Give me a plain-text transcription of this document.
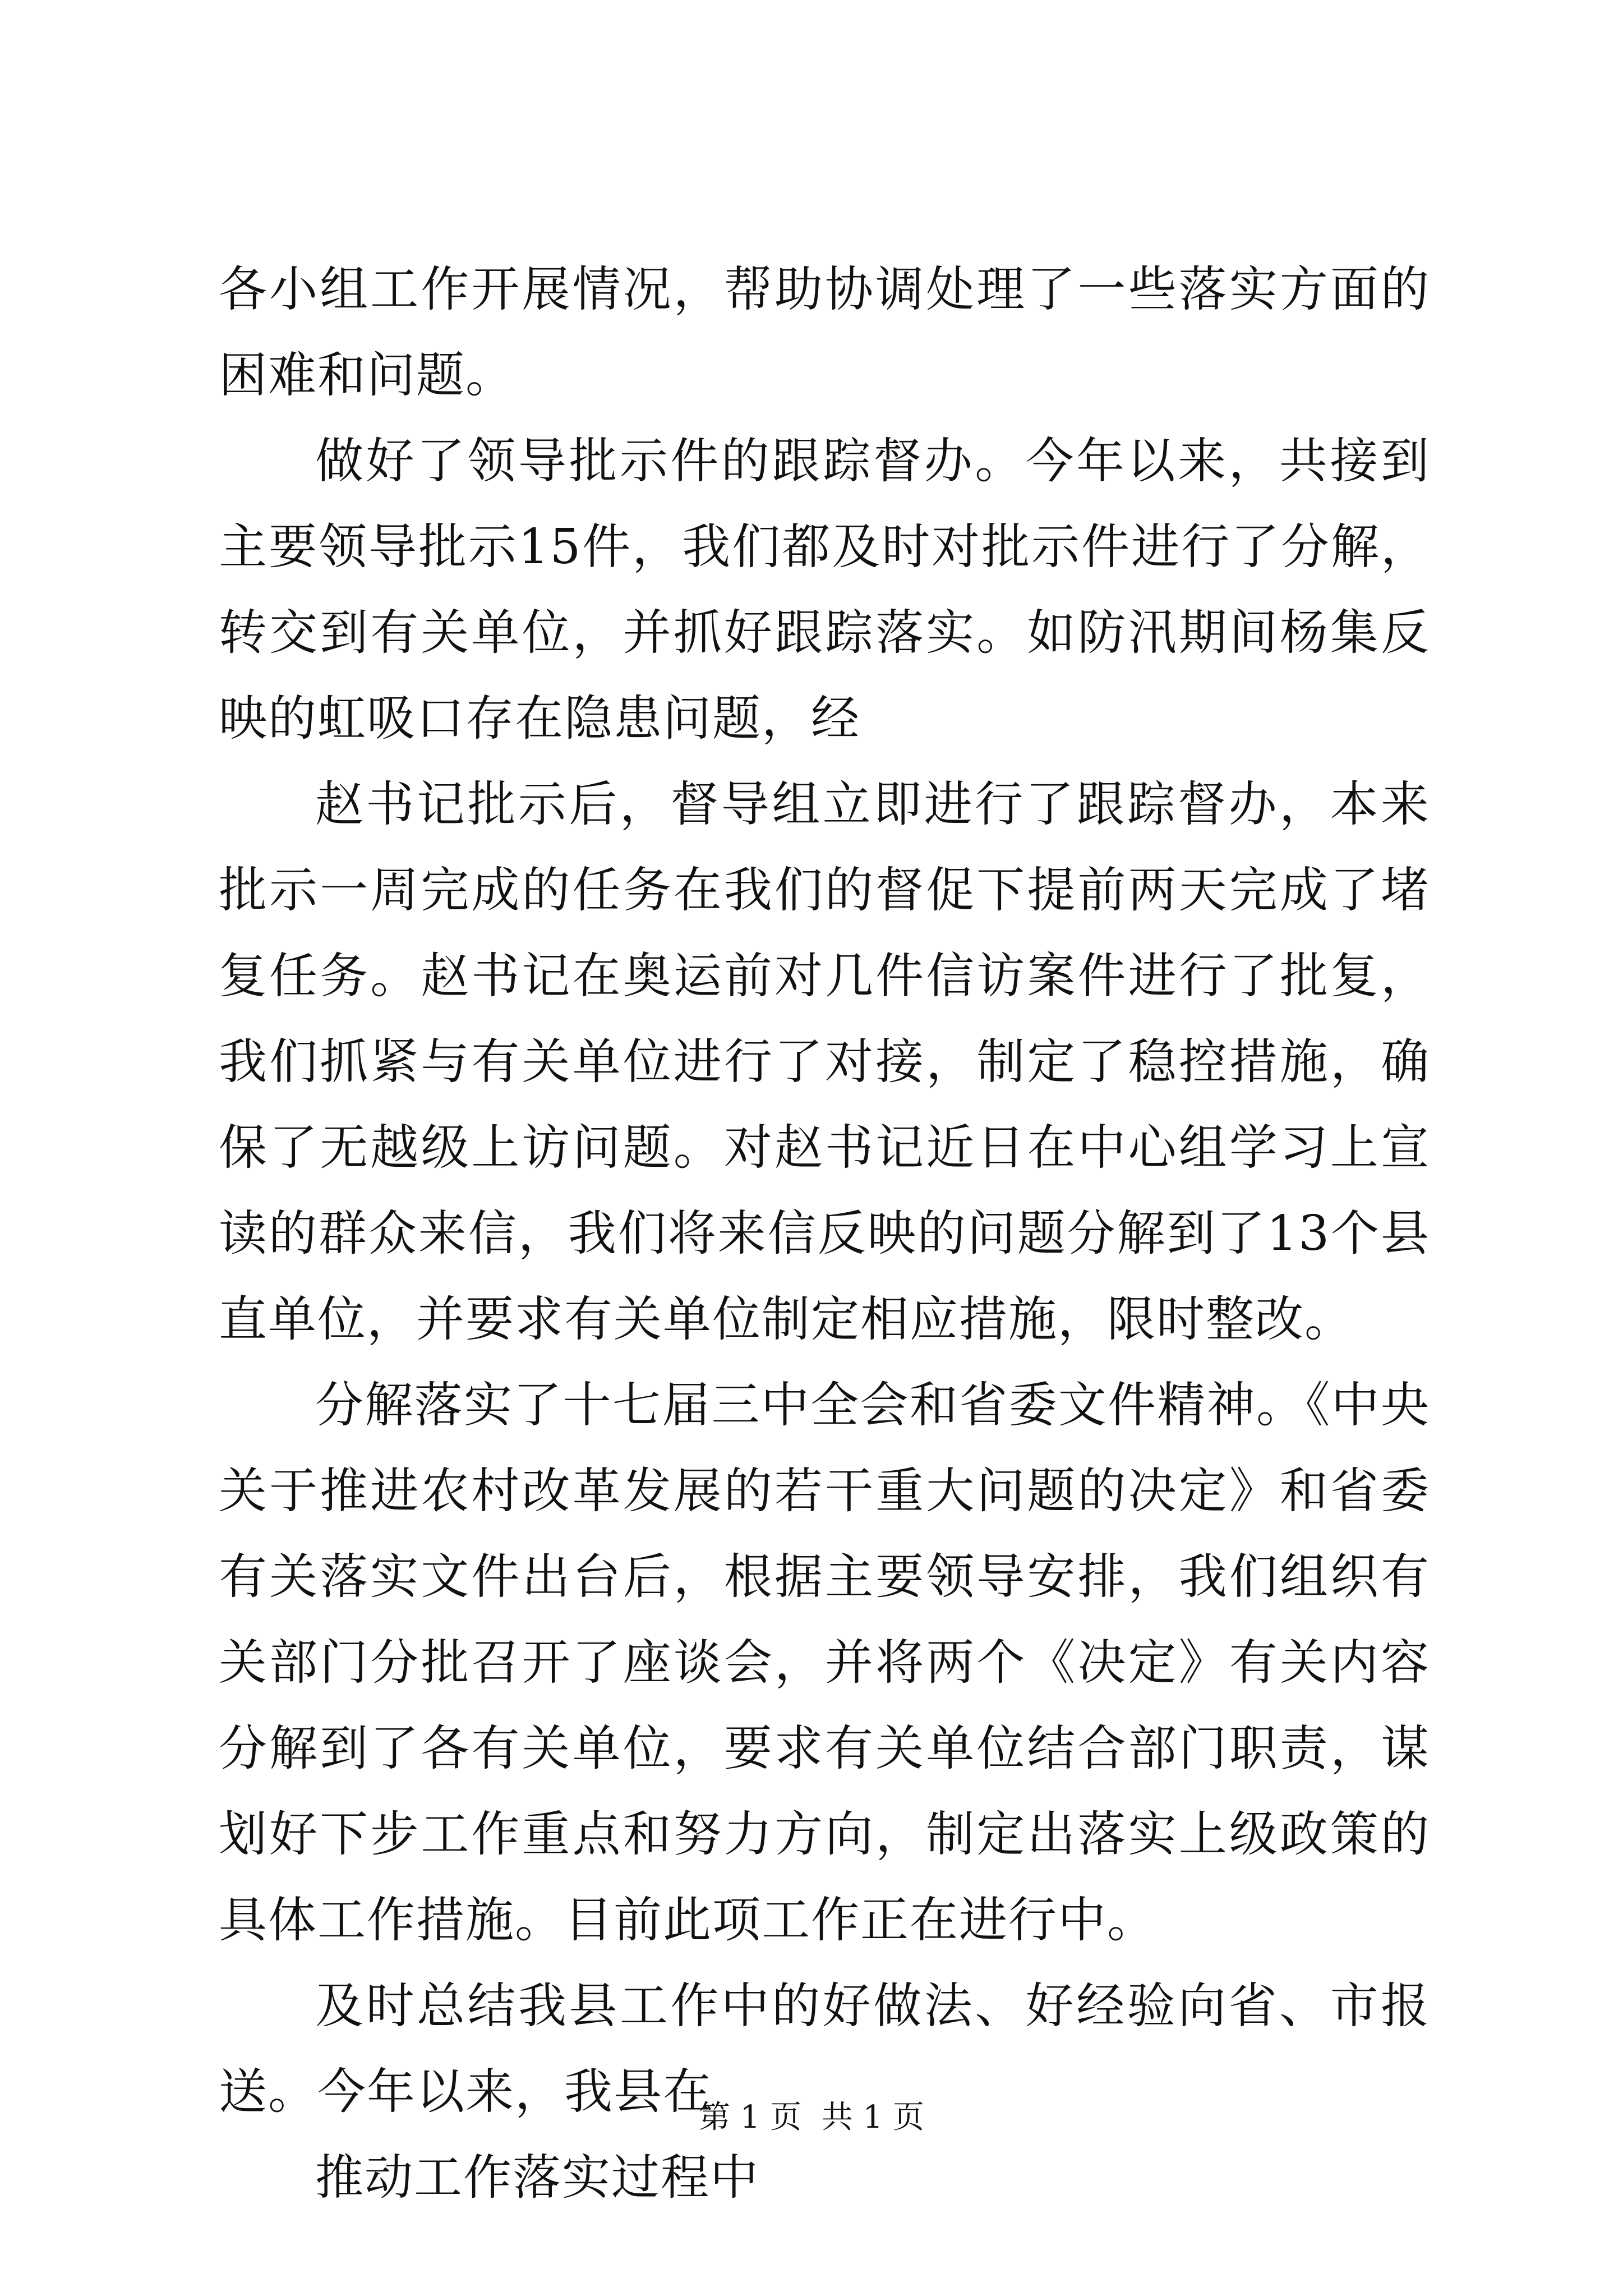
各小组工作开展情况，帮助协调处理了一些落实方面的困难和问题。

做好了领导批示件的跟踪督办。今年以来，共接到主要领导批示15件，我们都及时对批示件进行了分解，转交到有关单位，并抓好跟踪落实。如防汛期间杨集反映的虹吸口存在隐患问题，经

赵书记批示后，督导组立即进行了跟踪督办，本来批示一周完成的任务在我们的督促下提前两天完成了堵复任务。赵书记在奥运前对几件信访案件进行了批复，我们抓紧与有关单位进行了对接，制定了稳控措施，确保了无越级上访问题。对赵书记近日在中心组学习上宣读的群众来信，我们将来信反映的问题分解到了13个县直单位，并要求有关单位制定相应措施，限时整改。

分解落实了十七届三中全会和省委文件精神。《中央关于推进农村改革发展的若干重大问题的决定》和省委有关落实文件出台后，根据主要领导安排，我们组织有关部门分批召开了座谈会，并将两个《决定》有关内容分解到了各有关单位，要求有关单位结合部门职责，谋划好下步工作重点和努力方向，制定出落实上级政策的具体工作措施。目前此项工作正在进行中。

及时总结我县工作中的好做法、好经验向省、市报送。今年以来，我县在

推动工作落实过程中

第 1 页  共 1 页
